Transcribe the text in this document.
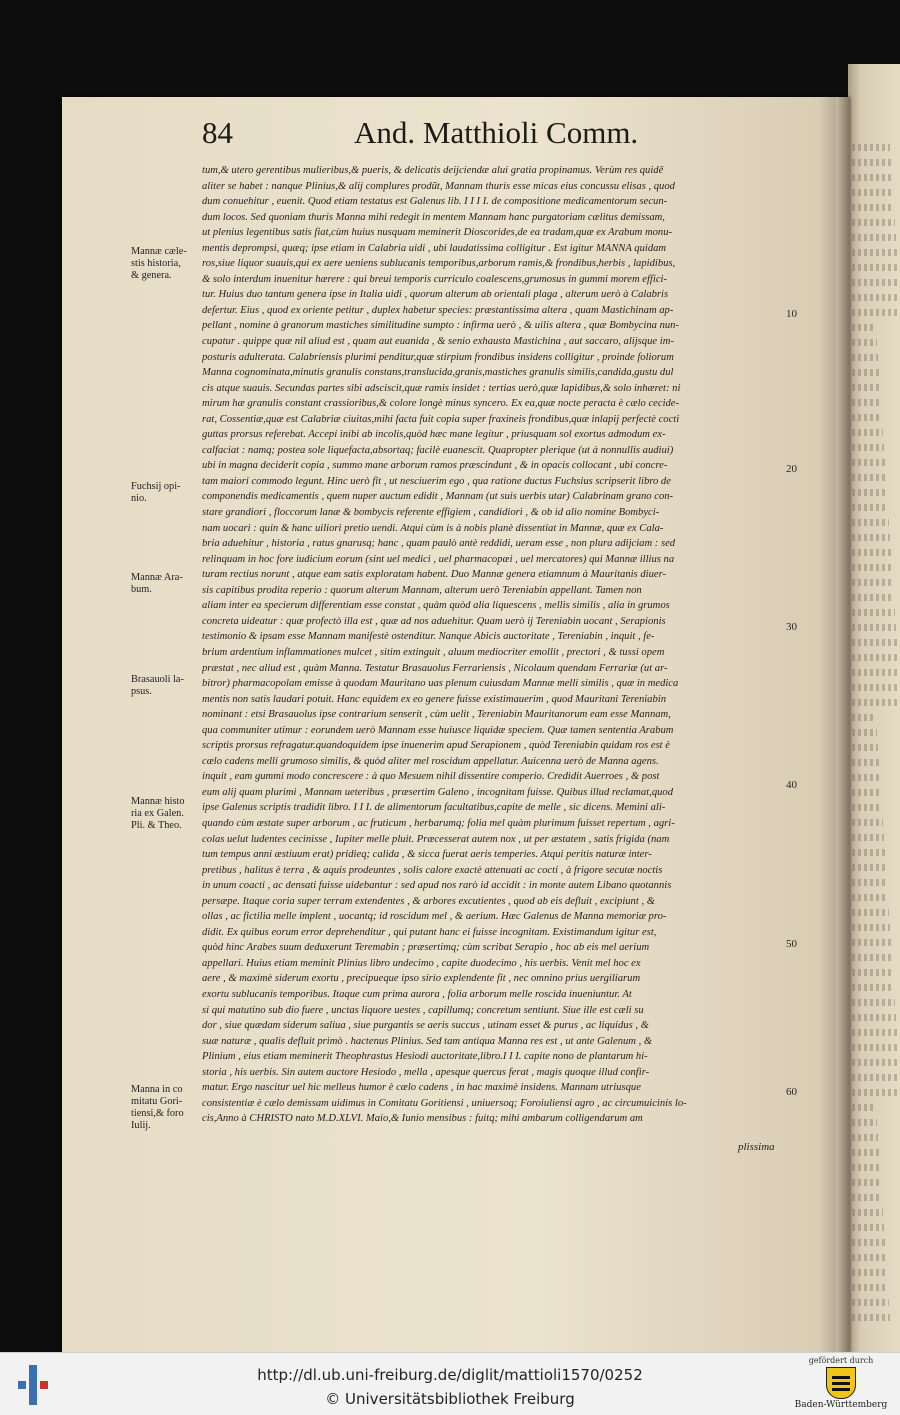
84	And. Matthioli Comm.
tum,& utero gerentibus mulieribus,& pueris, & delicatis deijciendæ alui gratia propinamus. Verùm res quidē
aliter se habet : nanque Plinius,& alij complures prodũt, Mannam thuris esse micas eius concussu elisas , quod
dum conuehitur , euenit. Quod etiam testatus est Galenus lib. I I I I. de compositione medicamentorum secun-
dum locos. Sed quoniam thuris Manna mihi redegit in mentem Mannam hanc purgatoriam cælitus demissam,
ut plenius legentibus satis fiat,cùm huius nusquam meminerit Dioscorides,de ea tradam,quæ ex Arabum monu-
mentis deprompsi, quæq; ipse etiam in Calabria uidi , ubi laudatissima colligitur . Est igitur MANNA quidam
ros,siue liquor suauis,qui ex aere ueniens sublucanis temporibus,arborum ramis,& frondibus,herbis , lapidibus,
& solo interdum inuenitur hærere : qui breui temporis curriculo coalescens,grumosus in gummi morem effici-
tur. Huius duo tantum genera ipse in Italia uidi , quorum alterum ab orientali plaga , alterum uerò à Calabris
defertur. Eius , quod ex oriente petitur , duplex habetur species: præstantissima altera , quam Mastichinam ap-
pellant , nomine à granorum mastiches similitudine sumpto : infirma uerò , & uilis altera , quæ Bombycina nun-
cupatur . quippe quæ nil aliud est , quam aut euanida , & senio exhausta Mastichina , aut saccaro, alijsque im-
posturis adulterata. Calabriensis plurimi penditur,quæ stirpium frondibus insidens colligitur , proinde foliorum
Manna cognominata,minutis granulis constans,translucida,granis,mastiches granulis similis,candida,gustu dul
cis atque suauis. Secundas partes sibi adsciscit,quæ ramis insidet : tertias uerò,quæ lapidibus,& solo inhæret: ni
mirum hæ granulis constant crassioribus,& colore longè minus syncero. Ex ea,quæ nocte peracta è cælo cecide-
rat, Cossentiæ,quæ est Calabriæ ciuitas,mihi facta fuit copia super fraxineis frondibus,quæ inlapij perfectè cocti
guttas prorsus referebat. Accepi inibi ab incolis,quòd hæc mane legitur , priusquam sol exortus admodum ex-
calfaciat : namq; postea sole liquefacta,absortaq; facilè euanescit. Quapropter plerique (ut à nonnullis audiui)
ubi in magna deciderit copia , summo mane arborum ramos præscindunt , & in opacis collocant , ubi concre-
tam maiori commodo legunt. Hinc uerò fit , ut nesciuerim ego , qua ratione ductus Fuchsius scripserit libro de
componendis medicamentis , quem nuper auctum edidit , Mannam (ut suis uerbis utar) Calabrinam grano con-
stare grandiori , floccorum lanæ & bombycis referente effigiem , candidiori , & ob id alio nomine Bombyci-
nam uocari : quin & hanc uiliori pretio uendi. Atqui cùm is à nobis planè dissentiat in Mannæ, quæ ex Cala-
bria aduehitur , historia , ratus gnarusq; hanc , quam paulò antè reddidi, ueram esse , non plura adijciam : sed
relinquam in hoc fore iudicium eorum (sint uel medici , uel pharmacopæi , uel mercatores) qui Mannæ illius na
turam rectius norunt , atque eam satis exploratam habent. Duo Mannæ genera etiamnum à Mauritanis diuer-
sis capitibus prodita reperio : quorum alterum Mannam, alterum uerò Tereniabin appellant. Tamen non
aliam inter ea specierum differentiam esse constat , quàm quòd alia liquescens , mellis similis , alia in grumos
concreta uideatur : quæ profectò illa est , quæ ad nos aduehitur. Quam uerò ij Tereniabin uocant , Serapionis
testimonio & ipsam esse Mannam manifestè ostenditur. Nanque Abicis auctoritate , Tereniabin , inquit , fe-
brium ardentium inflammationes mulcet , sitim extinguit , aluum mediocriter emollit , prectori , & tussi opem
præstat , nec aliud est , quàm Manna. Testatur Brasauolus Ferrariensis , Nicolaum quendam Ferrariæ (ut ar-
bitror) pharmacopolam emisse à quodam Mauritano uas plenum cuiusdam Mannæ melli similis , quæ in medica
mentis non satis laudari potuit. Hanc equidem ex eo genere fuisse existimauerim , quod Mauritani Tereniabin
nominant : etsi Brasauolus ipse contrarium senserit , cùm uelit , Tereniabin Mauritanorum eam esse Mannam,
qua communiter utimur : eorundem uerò Mannam esse huiusce liquidæ speciem. Quæ tamen sententia Arabum
scriptis prorsus refragatur.quandoquidem ipse inuenerim apud Serapionem , quòd Tereniabin quidam ros est è
cælo cadens melli grumoso similis, & quòd aliter mel roscidum appellatur. Auicenna uerò de Manna agens.
inquit , eam gummi modo concrescere : à quo Mesuem nihil dissentire comperio. Credidit Auerroes , & post
eum alij quam plurimi , Mannam ueteribus , præsertim Galeno , incognitam fuisse. Quibus illud reclamat,quod
ipse Galenus scriptis tradidit libro. I I I. de alimentorum facultatibus,capite de melle , sic dicens. Memini ali-
quando cùm æstate super arborum , ac fruticum , herbarumq; folia mel quàm plurimum fuisset repertum , agri-
colas uelut ludentes cecinisse , Iupiter melle pluit. Præcesserat autem nox , ut per æstatem , satis frigida (nam
tum tempus anni æstiuum erat) pridieq; calida , & sicca fuerat aeris temperies. Atqui peritis naturæ inter-
pretibus , halitus è terra , & aquis prodeuntes , solis calore exactè attenuati ac cocti , à frigore secutæ noctis
in unum coacti , ac densati fuisse uidebantur : sed apud nos rarò id accidit : in monte autem Libano quotannis
persæpe. Itaque coria super terram extendentes , & arbores excutientes , quod ab eis defluit , excipiunt , &
ollas , ac fictilia melle implent , uocantq; id roscidum mel , & aerium. Hæc Galenus de Manna memoriæ pro-
didit. Ex quibus eorum error deprehenditur , qui putant hanc ei fuisse incognitam. Existimandum igitur est,
quòd hinc Arabes suum deduxerunt Teremabin ; præsertimq; cùm scribat Serapio , hoc ab eis mel aerium
appellari. Huius etiam meminit Plinius libro undecimo , capite duodecimo , his uerbis. Venit mel hoc ex
aere , & maximè siderum exortu , precipueque ipso sirio explendente fit , nec omnino prius uergiliarum
exortu sublucanis temporibus. Itaque cum prima aurora , folia arborum melle roscida inueniuntur. At
si qui matutino sub dio fuere , unctas liquore uestes , capillumq; concretum sentiunt. Siue ille est cæli su
dor , siue quædam siderum saliua , siue purgantis se aeris succus , utinam esset & purus , ac liquidus , &
suæ naturæ , qualis defluit primò . hactenus Plinius. Sed tam antiqua Manna res est , ut ante Galenum , &
Plinium , eius etiam meminerit Theophrastus Hesiodi auctoritate,libro.I I I. capite nono de plantarum hi-
storia , his uerbis. Sin autem auctore Hesiodo , mella , apesque quercus ferat , magis quoque illud confir-
matur. Ergo nascitur uel hic melleus humor è cælo cadens , in hac maximè insidens. Mannam utriusque
consistentiæ è cælo demissam uidimus in Comitatu Goritiensi , uniuersoq; Foroiuliensi agro , ac circumuicinis lo-
cis,Anno à CHRISTO nato M.D.XLVI. Maio,& Iunio mensibus : fuitq; mihi ambarum colligendarum am
Mannæ cæle-
stis historia,
& genera.
Fuchsij opi-
nio.
Mannæ Ara-
bum.
Brasauoli la-
psus.
Mannæ histo
ria ex Galen.
Pli. & Theo.
Manna in co
mitatu Gori-
tiensi,& foro
Iulij.
10
20
30
40
50
60
plissima
http://dl.ub.uni-freiburg.de/diglit/mattioli1570/0252
© Universitätsbibliothek Freiburg
gefördert durch
Baden-Württemberg
